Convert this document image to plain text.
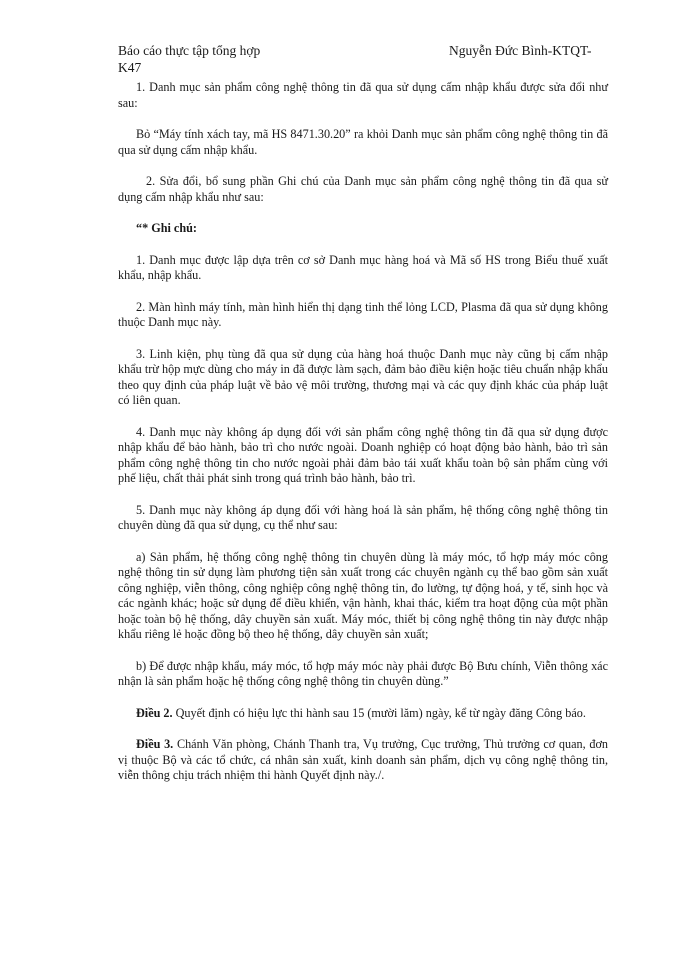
Báo cáo thực tập tổng hợp	Nguyễn Đức Bình-KTQT-
K47

1. Danh mục sản phẩm công nghệ thông tin đã qua sử dụng cấm nhập khẩu được sửa đổi như sau:

Bỏ “Máy tính xách tay, mã HS 8471.30.20” ra khỏi Danh mục sản phẩm công nghệ thông tin đã qua sử dụng cấm nhập khẩu.

2. Sửa đổi, bổ sung phần Ghi chú của Danh mục sản phẩm công nghệ thông tin đã qua sử dụng cấm nhập khẩu như sau:

“* Ghi chú:

1. Danh mục được lập dựa trên cơ sở Danh mục hàng hoá và Mã số HS trong Biểu thuế xuất khẩu, nhập khẩu.

2. Màn hình máy tính, màn hình hiển thị dạng tinh thể lỏng LCD, Plasma đã qua sử dụng không thuộc Danh mục này.

3. Linh kiện, phụ tùng đã qua sử dụng của hàng hoá thuộc Danh mục này cũng bị cấm nhập khẩu trừ hộp mực dùng cho máy in đã được làm sạch, đảm bảo điều kiện hoặc tiêu chuẩn nhập khẩu theo quy định của pháp luật về bảo vệ môi trường, thương mại và các quy định khác của pháp luật có liên quan.

4. Danh mục này không áp dụng đối với sản phẩm công nghệ thông tin đã qua sử dụng được nhập khẩu để bảo hành, bảo trì cho nước ngoài. Doanh nghiệp có hoạt động bảo hành, bảo trì sản phẩm công nghệ thông tin cho nước ngoài phải đảm bảo tái xuất khẩu toàn bộ sản phẩm cùng với phế liệu, chất thải phát sinh trong quá trình bảo hành, bảo trì.

5. Danh mục này không áp dụng đối với hàng hoá là sản phẩm, hệ thống công nghệ thông tin chuyên dùng đã qua sử dụng, cụ thể như sau:

a) Sản phẩm, hệ thống công nghệ thông tin chuyên dùng là máy móc, tổ hợp máy móc công nghệ thông tin sử dụng làm phương tiện sản xuất trong các chuyên ngành cụ thể bao gồm sản xuất công nghiệp, viễn thông, công nghiệp công nghệ thông tin, đo lường, tự động hoá, y tế, sinh học và các ngành khác; hoặc sử dụng để điều khiển, vận hành, khai thác, kiểm tra hoạt động của một phần hoặc toàn bộ hệ thống, dây chuyền sản xuất. Máy móc, thiết bị công nghệ thông tin này được nhập khẩu riêng lẻ hoặc đồng bộ theo hệ thống, dây chuyền sản xuất;

b) Để được nhập khẩu, máy móc, tổ hợp máy móc này phải được Bộ Bưu chính, Viễn thông xác nhận là sản phẩm hoặc hệ thống công nghệ thông tin chuyên dùng.”

Điều 2. Quyết định có hiệu lực thi hành sau 15 (mười lăm) ngày, kể từ ngày đăng Công báo.

Điều 3. Chánh Văn phòng, Chánh Thanh tra, Vụ trưởng, Cục trưởng, Thủ trưởng cơ quan, đơn vị thuộc Bộ và các tổ chức, cá nhân sản xuất, kinh doanh sản phẩm, dịch vụ công nghệ thông tin, viễn thông chịu trách nhiệm thi hành Quyết định này./.
